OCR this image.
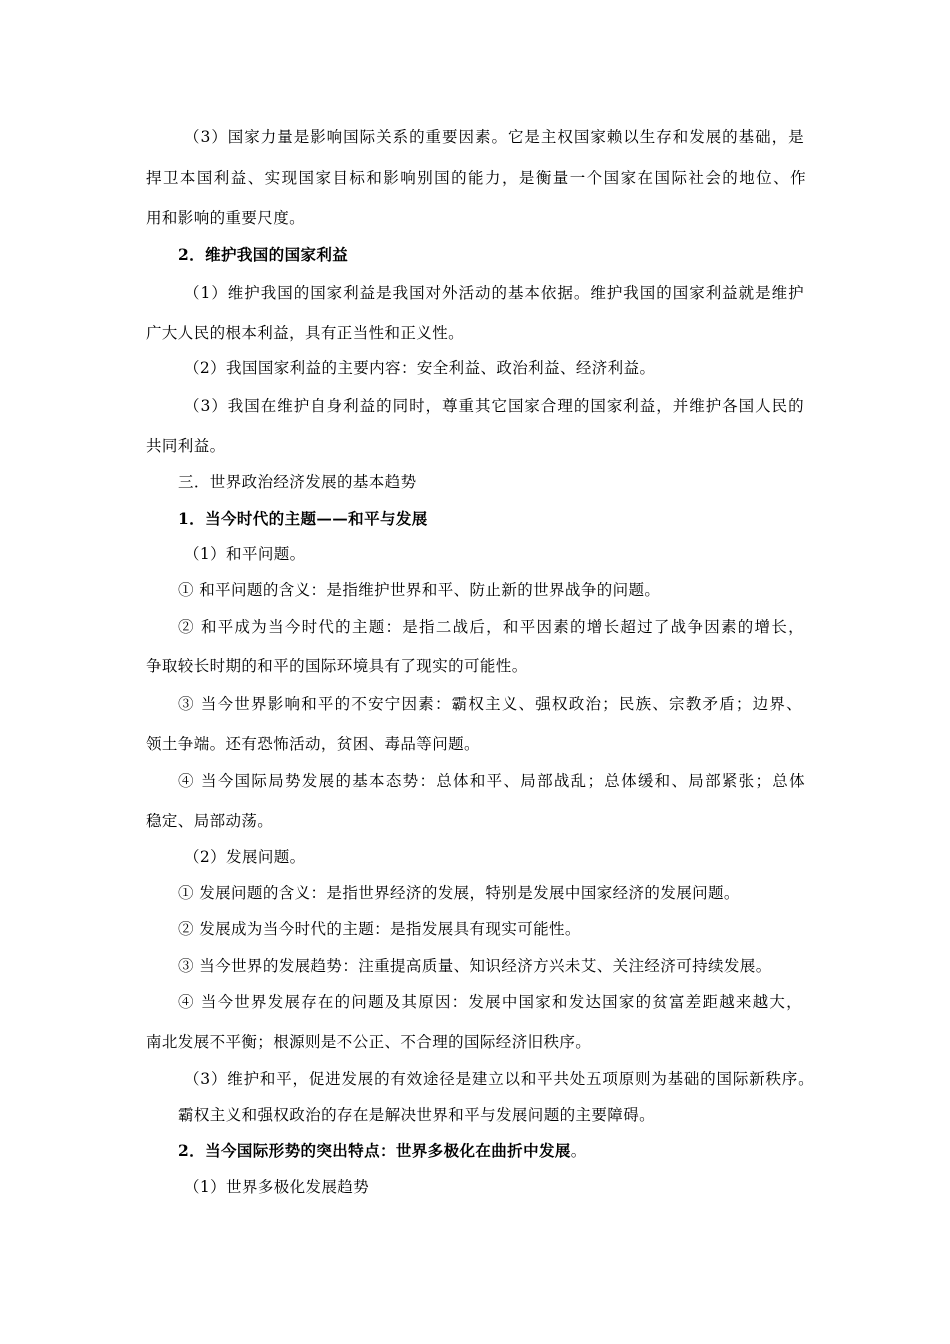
（3）国家力量是影响国际关系的重要因素。它是主权国家赖以生存和发展的基础，是
捍卫本国利益、实现国家目标和影响别国的能力，是衡量一个国家在国际社会的地位、作
用和影响的重要尺度。
2．维护我国的国家利益
（1）维护我国的国家利益是我国对外活动的基本依据。维护我国的国家利益就是维护
广大人民的根本利益，具有正当性和正义性。
（2）我国国家利益的主要内容：安全利益、政治利益、经济利益。
（3）我国在维护自身利益的同时，尊重其它国家合理的国家利益，并维护各国人民的
共同利益。
三．世界政治经济发展的基本趋势
1．当今时代的主题——和平与发展
（1）和平问题。
① 和平问题的含义：是指维护世界和平、防止新的世界战争的问题。
② 和平成为当今时代的主题：是指二战后，和平因素的增长超过了战争因素的增长，
争取较长时期的和平的国际环境具有了现实的可能性。
③ 当今世界影响和平的不安宁因素：霸权主义、强权政治；民族、宗教矛盾；边界、
领土争端。还有恐怖活动，贫困、毒品等问题。
④ 当今国际局势发展的基本态势：总体和平、局部战乱；总体缓和、局部紧张；总体
稳定、局部动荡。
（2）发展问题。
① 发展问题的含义：是指世界经济的发展，特别是发展中国家经济的发展问题。
② 发展成为当今时代的主题：是指发展具有现实可能性。
③ 当今世界的发展趋势：注重提高质量、知识经济方兴未艾、关注经济可持续发展。
④ 当今世界发展存在的问题及其原因：发展中国家和发达国家的贫富差距越来越大，
南北发展不平衡；根源则是不公正、不合理的国际经济旧秩序。
（3）维护和平，促进发展的有效途径是建立以和平共处五项原则为基础的国际新秩序。
霸权主义和强权政治的存在是解决世界和平与发展问题的主要障碍。
2．当今国际形势的突出特点：世界多极化在曲折中发展。
（1）世界多极化发展趋势
